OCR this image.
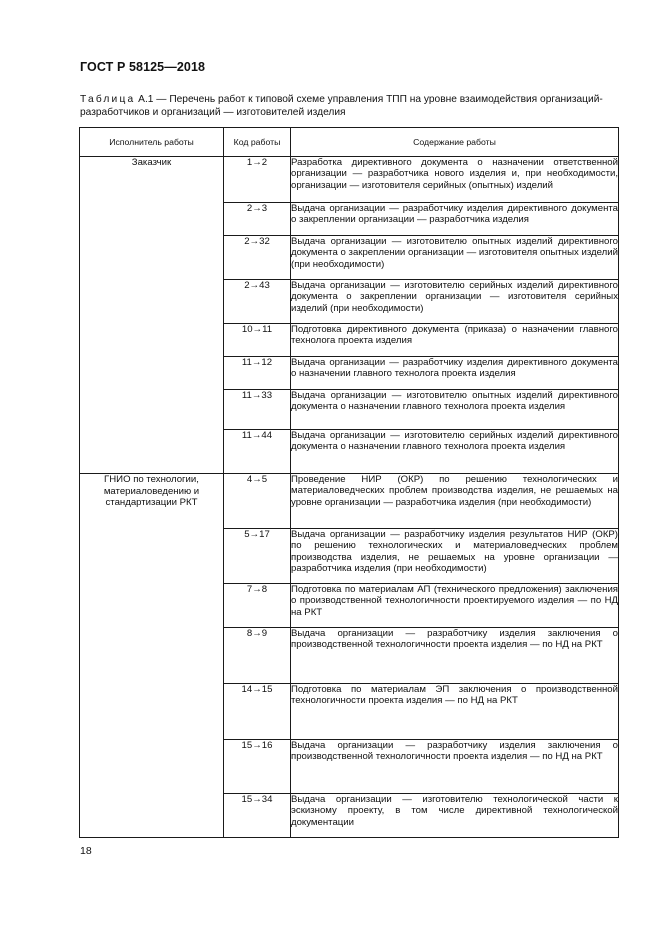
ГОСТ Р 58125—2018
Таблица А.1 — Перечень работ к типовой схеме управления ТПП на уровне взаимодействия организаций-разработчиков и организаций — изготовителей изделия
Исполнитель работы	Код работы	Содержание работы
Заказчик	1→2	Разработка директивного документа о назначении ответственной организации — разработчика нового изделия и, при необходимости, организации — изготовителя серийных (опытных) изделий
	2→3	Выдача организации — разработчику изделия директивного документа о закреплении организации — разработчика изделия
	2→32	Выдача организации — изготовителю опытных изделий директивного документа о закреплении организации — изготовителя опытных изделий (при необходимости)
	2→43	Выдача организации — изготовителю серийных изделий директивного документа о закреплении организации — изготовителя серийных изделий (при необходимости)
	10→11	Подготовка директивного документа (приказа) о назначении главного технолога проекта изделия
	11→12	Выдача организации — разработчику изделия директивного документа о назначении главного технолога проекта изделия
	11→33	Выдача организации — изготовителю опытных изделий директивного документа о назначении главного технолога проекта изделия
	11→44	Выдача организации — изготовителю серийных изделий директивного документа о назначении главного технолога проекта изделия
ГНИО по технологии, материаловедению и стандартизации РКТ	4→5	Проведение НИР (ОКР) по решению технологических и материаловедческих проблем производства изделия, не решаемых на уровне организации — разработчика изделия (при необходимости)
	5→17	Выдача организации — разработчику изделия результатов НИР (ОКР) по решению технологических и материаловедческих проблем производства изделия, не решаемых на уровне организации — разработчика изделия (при необходимости)
	7→8	Подготовка по материалам АП (технического предложения) заключения о производственной технологичности проектируемого изделия — по НД на РКТ
	8→9	Выдача организации — разработчику изделия заключения о производственной технологичности проекта изделия — по НД на РКТ
	14→15	Подготовка по материалам ЭП заключения о производственной технологичности проекта изделия — по НД на РКТ
	15→16	Выдача организации — разработчику изделия заключения о производственной технологичности проекта изделия — по НД на РКТ
	15→34	Выдача организации — изготовителю технологической части к эскизному проекту, в том числе директивной технологической документации
18
